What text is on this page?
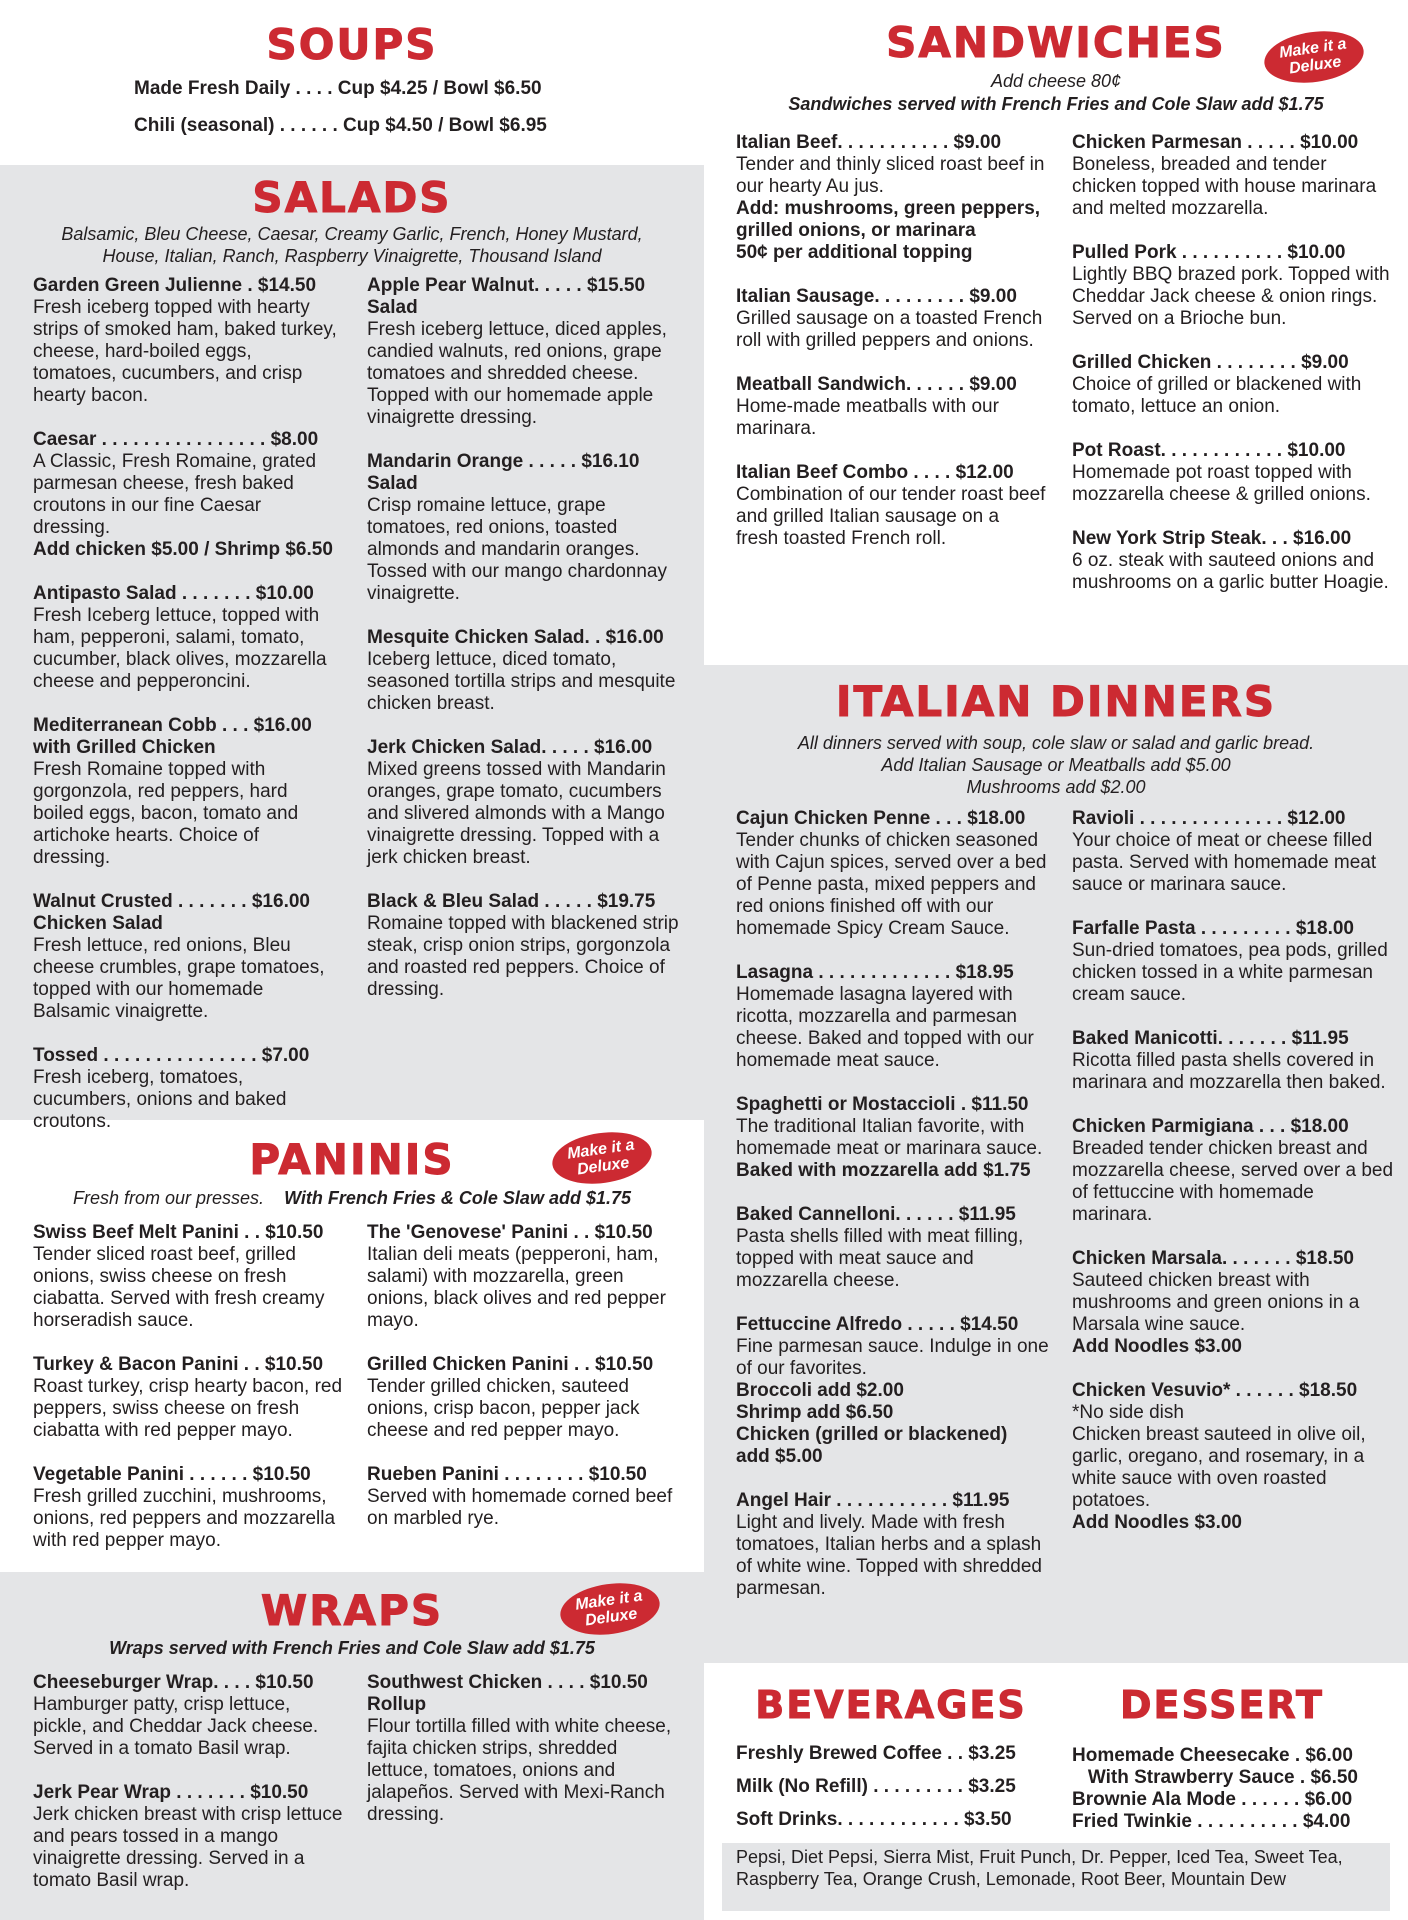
SOUPS
Made Fresh Daily . . . . Cup $4.25 / Bowl $6.50
Chili (seasonal) . . . . . . Cup $4.50 / Bowl $6.95
SALADS
Balsamic, Bleu Cheese, Caesar, Creamy Garlic, French, Honey Mustard, House, Italian, Ranch, Raspberry Vinaigrette, Thousand Island
Garden Green Julienne . $14.50
Fresh iceberg topped with hearty strips of smoked ham, baked turkey, cheese, hard-boiled eggs, tomatoes, cucumbers, and crisp hearty bacon.
Caesar . . . . . . . . . . . . . . . . $8.00
A Classic, Fresh Romaine, grated parmesan cheese, fresh baked croutons in our fine Caesar dressing.
Add chicken $5.00 / Shrimp $6.50
Antipasto Salad . . . . . . . $10.00
Fresh Iceberg lettuce, topped with ham, pepperoni, salami, tomato, cucumber, black olives, mozzarella cheese and pepperoncini.
Mediterranean Cobb . . . $16.00
with Grilled Chicken
Fresh Romaine topped with gorgonzola, red peppers, hard boiled eggs, bacon, tomato and artichoke hearts. Choice of dressing.
Walnut Crusted . . . . . . . $16.00
Chicken Salad
Fresh lettuce, red onions, Bleu cheese crumbles, grape tomatoes, topped with our homemade Balsamic vinaigrette.
Tossed . . . . . . . . . . . . . . . $7.00
Fresh iceberg, tomatoes, cucumbers, onions and baked croutons.
Apple Pear Walnut. . . . . $15.50
Salad
Fresh iceberg lettuce, diced apples, candied walnuts, red onions, grape tomatoes and shredded cheese. Topped with our homemade apple vinaigrette dressing.
Mandarin Orange . . . . . $16.10
Salad
Crisp romaine lettuce, grape tomatoes, red onions, toasted almonds and mandarin oranges. Tossed with our mango chardonnay vinaigrette.
Mesquite Chicken Salad. . $16.00
Iceberg lettuce, diced tomato, seasoned tortilla strips and mesquite chicken breast.
Jerk Chicken Salad. . . . . $16.00
Mixed greens tossed with Mandarin oranges, grape tomato, cucumbers and slivered almonds with a Mango vinaigrette dressing. Topped with a jerk chicken breast.
Black & Bleu Salad . . . . . $19.75
Romaine topped with blackened strip steak, crisp onion strips, gorgonzola and roasted red peppers. Choice of dressing.
PANINIS	Make it a Deluxe
Fresh from our presses. With French Fries & Cole Slaw add $1.75
Swiss Beef Melt Panini . . $10.50
Tender sliced roast beef, grilled onions, swiss cheese on fresh ciabatta. Served with fresh creamy horseradish sauce.
Turkey & Bacon Panini . . $10.50
Roast turkey, crisp hearty bacon, red peppers, swiss cheese on fresh ciabatta with red pepper mayo.
Vegetable Panini . . . . . . $10.50
Fresh grilled zucchini, mushrooms, onions, red peppers and mozzarella with red pepper mayo.
The 'Genovese' Panini . . $10.50
Italian deli meats (pepperoni, ham, salami) with mozzarella, green onions, black olives and red pepper mayo.
Grilled Chicken Panini . . $10.50
Tender grilled chicken, sauteed onions, crisp bacon, pepper jack cheese and red pepper mayo.
Rueben Panini . . . . . . . . $10.50
Served with homemade corned beef on marbled rye.
WRAPS	Make it a Deluxe
Wraps served with French Fries and Cole Slaw add $1.75
Cheeseburger Wrap. . . . $10.50
Hamburger patty, crisp lettuce, pickle, and Cheddar Jack cheese. Served in a tomato Basil wrap.
Jerk Pear Wrap . . . . . . . $10.50
Jerk chicken breast with crisp lettuce and pears tossed in a mango vinaigrette dressing. Served in a tomato Basil wrap.
Southwest Chicken . . . . $10.50
Rollup
Flour tortilla filled with white cheese, fajita chicken strips, shredded lettuce, tomatoes, onions and jalapeños. Served with Mexi-Ranch dressing.
SANDWICHES	Make it a Deluxe
Add cheese 80¢
Sandwiches served with French Fries and Cole Slaw add $1.75
Italian Beef. . . . . . . . . . . $9.00
Tender and thinly sliced roast beef in our hearty Au jus.
Add: mushrooms, green peppers, grilled onions, or marinara
50¢ per additional topping
Italian Sausage. . . . . . . . . $9.00
Grilled sausage on a toasted French roll with grilled peppers and onions.
Meatball Sandwich. . . . . . $9.00
Home-made meatballs with our marinara.
Italian Beef Combo . . . . $12.00
Combination of our tender roast beef and grilled Italian sausage on a fresh toasted French roll.
Chicken Parmesan . . . . . $10.00
Boneless, breaded and tender chicken topped with house marinara and melted mozzarella.
Pulled Pork . . . . . . . . . . $10.00
Lightly BBQ brazed pork. Topped with Cheddar Jack cheese & onion rings. Served on a Brioche bun.
Grilled Chicken . . . . . . . . $9.00
Choice of grilled or blackened with tomato, lettuce an onion.
Pot Roast. . . . . . . . . . . . $10.00
Homemade pot roast topped with mozzarella cheese & grilled onions.
New York Strip Steak. . . $16.00
6 oz. steak with sauteed onions and mushrooms on a garlic butter Hoagie.
ITALIAN DINNERS
All dinners served with soup, cole slaw or salad and garlic bread.
Add Italian Sausage or Meatballs add $5.00
Mushrooms add $2.00
Cajun Chicken Penne . . . $18.00
Tender chunks of chicken seasoned with Cajun spices, served over a bed of Penne pasta, mixed peppers and red onions finished off with our homemade Spicy Cream Sauce.
Lasagna . . . . . . . . . . . . . $18.95
Homemade lasagna layered with ricotta, mozzarella and parmesan cheese. Baked and topped with our homemade meat sauce.
Spaghetti or Mostaccioli . $11.50
The traditional Italian favorite, with homemade meat or marinara sauce.
Baked with mozzarella add $1.75
Baked Cannelloni. . . . . . $11.95
Pasta shells filled with meat filling, topped with meat sauce and mozzarella cheese.
Fettuccine Alfredo . . . . . $14.50
Fine parmesan sauce. Indulge in one of our favorites.
Broccoli add $2.00
Shrimp add $6.50
Chicken (grilled or blackened)
add $5.00
Angel Hair . . . . . . . . . . . $11.95
Light and lively. Made with fresh tomatoes, Italian herbs and a splash of white wine. Topped with shredded parmesan.
Ravioli . . . . . . . . . . . . . . $12.00
Your choice of meat or cheese filled pasta. Served with homemade meat sauce or marinara sauce.
Farfalle Pasta . . . . . . . . . $18.00
Sun-dried tomatoes, pea pods, grilled chicken tossed in a white parmesan cream sauce.
Baked Manicotti. . . . . . . $11.95
Ricotta filled pasta shells covered in marinara and mozzarella then baked.
Chicken Parmigiana . . . $18.00
Breaded tender chicken breast and mozzarella cheese, served over a bed of fettuccine with homemade marinara.
Chicken Marsala. . . . . . . $18.50
Sauteed chicken breast with mushrooms and green onions in a Marsala wine sauce.
Add Noodles $3.00
Chicken Vesuvio* . . . . . . $18.50
*No side dish
Chicken breast sauteed in olive oil, garlic, oregano, and rosemary, in a white sauce with oven roasted potatoes.
Add Noodles $3.00
BEVERAGES	DESSERT
Freshly Brewed Coffee . . $3.25
Milk (No Refill) . . . . . . . . . $3.25
Soft Drinks. . . . . . . . . . . . $3.50
Homemade Cheesecake . $6.00
With Strawberry Sauce . $6.50
Brownie Ala Mode . . . . . . $6.00
Fried Twinkie . . . . . . . . . . $4.00
Pepsi, Diet Pepsi, Sierra Mist, Fruit Punch, Dr. Pepper, Iced Tea, Sweet Tea, Raspberry Tea, Orange Crush, Lemonade, Root Beer, Mountain Dew
